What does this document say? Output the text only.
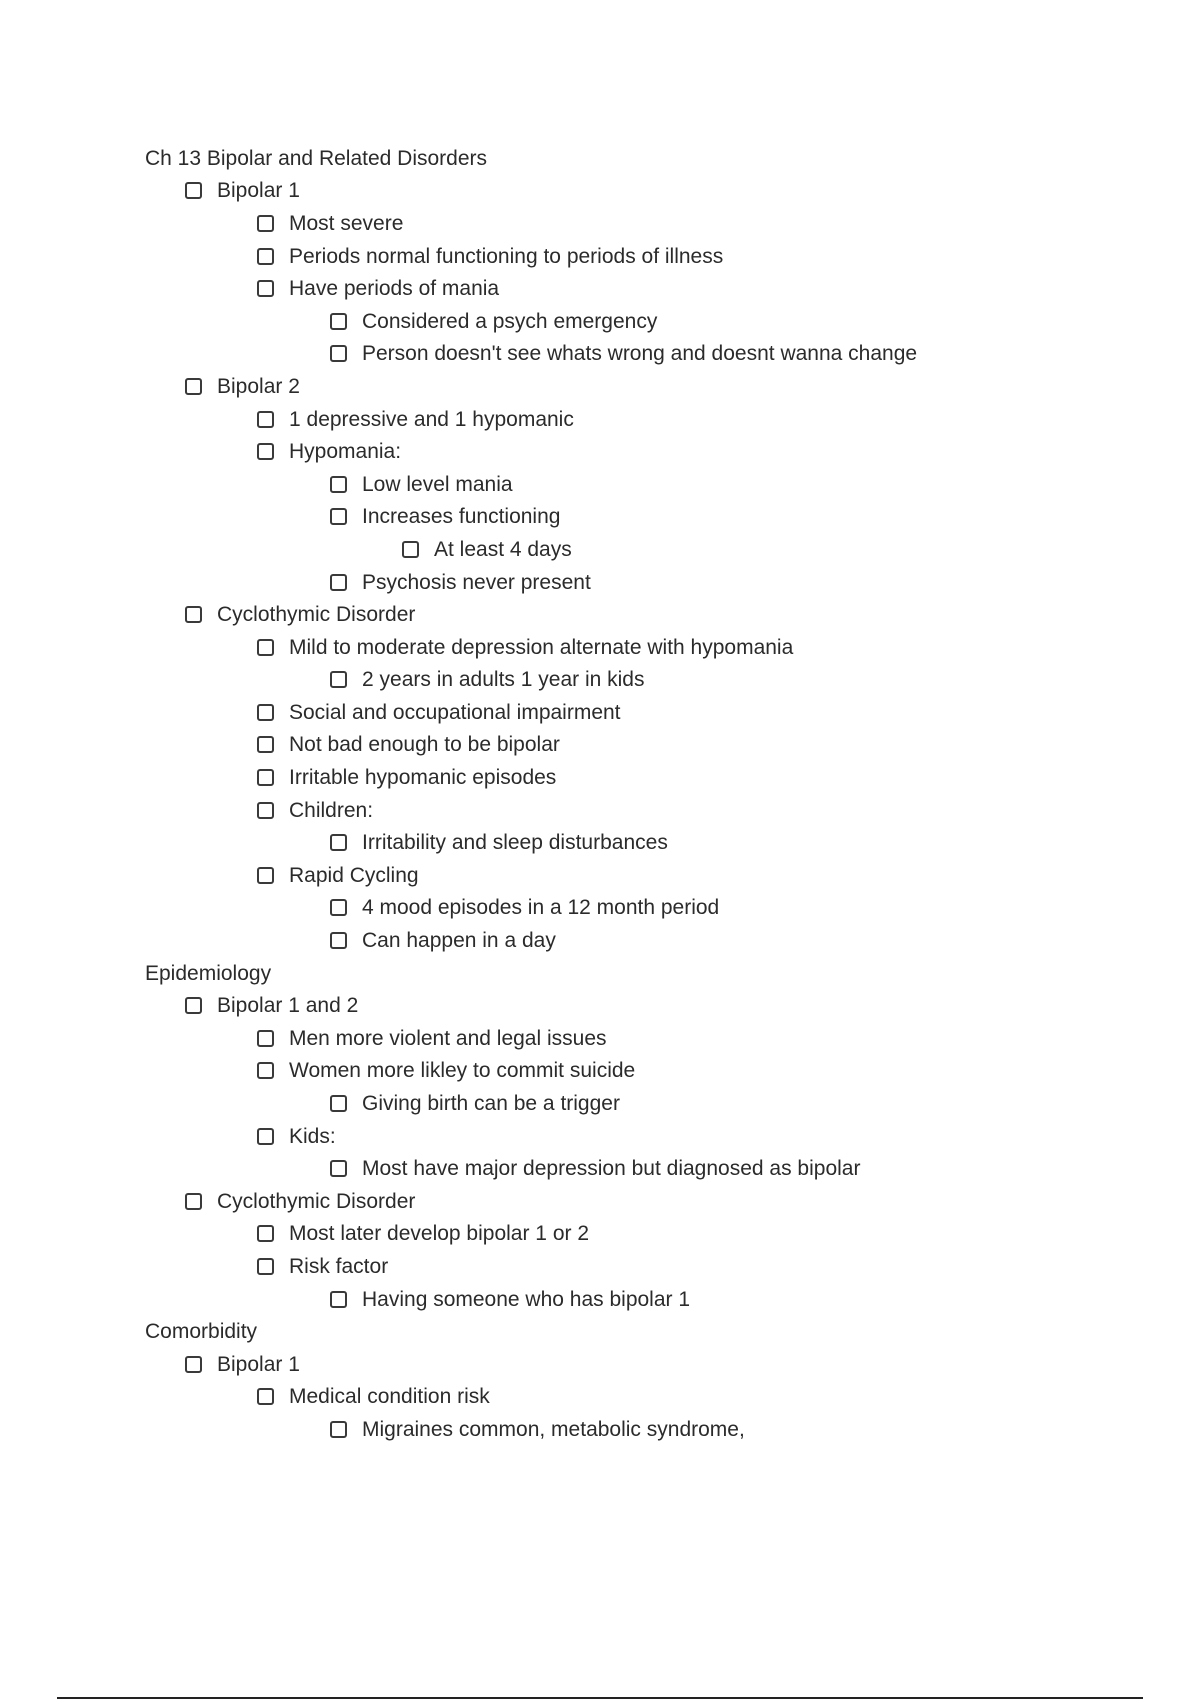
Ch 13 Bipolar and Related Disorders
Bipolar 1
Most severe
Periods normal functioning to periods of illness
Have periods of mania
Considered a psych emergency
Person doesn't see whats wrong and doesnt wanna change
Bipolar 2
1 depressive and 1 hypomanic
Hypomania:
Low level mania
Increases functioning
At least 4 days
Psychosis never present
Cyclothymic Disorder
Mild to moderate depression alternate with hypomania
2 years in adults 1 year in kids
Social and occupational impairment
Not bad enough to be bipolar
Irritable hypomanic episodes
Children:
Irritability and sleep disturbances
Rapid Cycling
4 mood episodes in a 12 month period
Can happen in a day
Epidemiology
Bipolar 1 and 2
Men more violent and legal issues
Women more likley to commit suicide
Giving birth can be a trigger
Kids:
Most have major depression but diagnosed as bipolar
Cyclothymic Disorder
Most later develop bipolar 1 or 2
Risk factor
Having someone who has bipolar 1
Comorbidity
Bipolar 1
Medical condition risk
Migraines common, metabolic syndrome,
